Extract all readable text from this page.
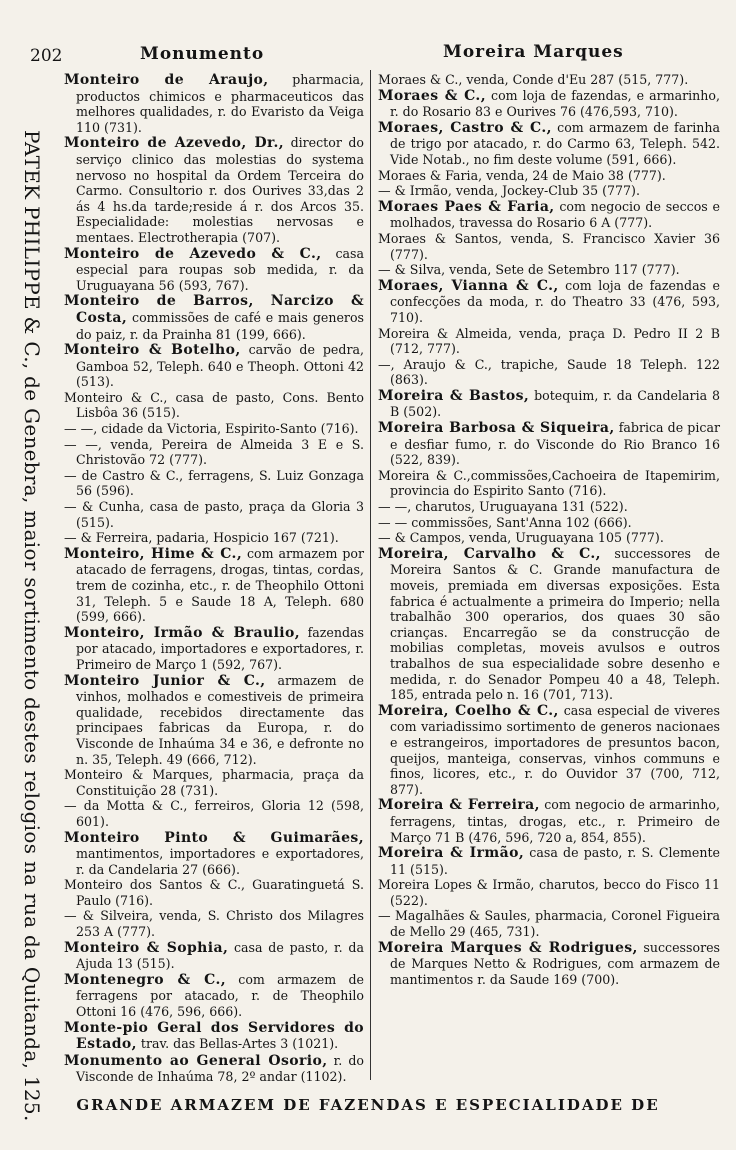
202	Monumento	Moreira Marques
PATEK PHILIPPE & C., de Genebra, maior sortimento destes relogios na rua da Quitanda, 125.

Monteiro de Araujo, pharmacia, productos chimicos e pharmaceuticos das melhores qualidades, r. do Evaristo da Veiga 110 (731).

Monteiro de Azevedo, Dr., director do serviço clinico das molestias do systema nervoso no hospital da Ordem Terceira do Carmo. Consultorio r. dos Ourives 33,das 2 ás 4 hs.da tarde;reside á r. dos Arcos 35. Especialidade: molestias nervosas e mentaes. Electrotherapia (707).

Monteiro de Azevedo & C., casa especial para roupas sob medida, r. da Uruguayana 56 (593, 767).

Monteiro de Barros, Narcizo & Costa, commissões de café e mais generos do paiz, r. da Prainha 81 (199, 666).

Monteiro & Botelho, carvão de pedra, Gamboa 52, Teleph. 640 e Theoph. Ottoni 42 (513).

Monteiro & C., casa de pasto, Cons. Bento Lisbôa 36 (515).

— —, cidade da Victoria, Espirito-Santo (716).

— —, venda, Pereira de Almeida 3 E e S. Christovão 72 (777).

— de Castro & C., ferragens, S. Luiz Gonzaga 56 (596).

— & Cunha, casa de pasto, praça da Gloria 3 (515).

— & Ferreira, padaria, Hospicio 167 (721).

Monteiro, Hime & C., com armazem por atacado de ferragens, drogas, tintas, cordas, trem de cozinha, etc., r. de Theophilo Ottoni 31, Teleph. 5 e Saude 18 A, Teleph. 680 (599, 666).

Monteiro, Irmão & Braulio, fazendas por atacado, importadores e exportadores, r. Primeiro de Março 1 (592, 767).

Monteiro Junior & C., armazem de vinhos, molhados e comestiveis de primeira qualidade, recebidos directamente das principaes fabricas da Europa, r. do Visconde de Inhaúma 34 e 36, e defronte no n. 35, Teleph. 49 (666, 712).

Monteiro & Marques, pharmacia, praça da Constituição 28 (731).

— da Motta & C., ferreiros, Gloria 12 (598, 601).

Monteiro Pinto & Guimarães, mantimentos, importadores e exportadores, r. da Candelaria 27 (666).

Monteiro dos Santos & C., Guaratinguetá S. Paulo (716).

— & Silveira, venda, S. Christo dos Milagres 253 A (777).

Monteiro & Sophia, casa de pasto, r. da Ajuda 13 (515).

Montenegro & C., com armazem de ferragens por atacado, r. de Theophilo Ottoni 16 (476, 596, 666).

Monte-pio Geral dos Servidores do Estado, trav. das Bellas-Artes 3 (1021).

Monumento ao General Osorio, r. do Visconde de Inhaúma 78, 2º andar (1102).

Moraes & C., venda, Conde d'Eu 287 (515, 777).

Moraes & C., com loja de fazendas, e armarinho, r. do Rosario 83 e Ourives 76 (476,593, 710).

Moraes, Castro & C., com armazem de farinha de trigo por atacado, r. do Carmo 63, Teleph. 542. Vide Notab., no fim deste volume (591, 666).

Moraes & Faria, venda, 24 de Maio 38 (777).

— & Irmão, venda, Jockey-Club 35 (777).

Moraes Paes & Faria, com negocio de seccos e molhados, travessa do Rosario 6 A (777).

Moraes & Santos, venda, S. Francisco Xavier 36 (777).

— & Silva, venda, Sete de Setembro 117 (777).

Moraes, Vianna & C., com loja de fazendas e confecções da moda, r. do Theatro 33 (476, 593, 710).

Moreira & Almeida, venda, praça D. Pedro II 2 B (712, 777).

—, Araujo & C., trapiche, Saude 18 Teleph. 122 (863).

Moreira & Bastos, botequim, r. da Candelaria 8 B (502).

Moreira Barbosa & Siqueira, fabrica de picar e desfiar fumo, r. do Visconde do Rio Branco 16 (522, 839).

Moreira & C.,commissões,Cachoeira de Itapemirim, provincia do Espirito Santo (716).

— —, charutos, Uruguayana 131 (522).

— — commissões, Sant'Anna 102 (666).

— & Campos, venda, Uruguayana 105 (777).

Moreira, Carvalho & C., successores de Moreira Santos & C. Grande manufactura de moveis, premiada em diversas exposições. Esta fabrica é actualmente a primeira do Imperio; nella trabalhão 300 operarios, dos quaes 30 são crianças. Encarregão se da construcção de mobilias completas, moveis avulsos e outros trabalhos de sua especialidade sobre desenho e medida, r. do Senador Pompeu 40 a 48, Teleph. 185, entrada pelo n. 16 (701, 713).

Moreira, Coelho & C., casa especial de viveres com variadissimo sortimento de generos nacionaes e estrangeiros, importadores de presuntos bacon, queijos, manteiga, conservas, vinhos communs e finos, licores, etc., r. do Ouvidor 37 (700, 712, 877).

Moreira & Ferreira, com negocio de armarinho, ferragens, tintas, drogas, etc., r. Primeiro de Março 71 B (476, 596, 720 a, 854, 855).

Moreira & Irmão, casa de pasto, r. S. Clemente 11 (515).

Moreira Lopes & Irmão, charutos, becco do Fisco 11 (522).

— Magalhães & Saules, pharmacia, Coronel Figueira de Mello 29 (465, 731).

Moreira Marques & Rodrigues, successores de Marques Netto & Rodrigues, com armazem de mantimentos r. da Saude 169 (700).

GRANDE ARMAZEM DE FAZENDAS E ESPECIALIDADE DE
